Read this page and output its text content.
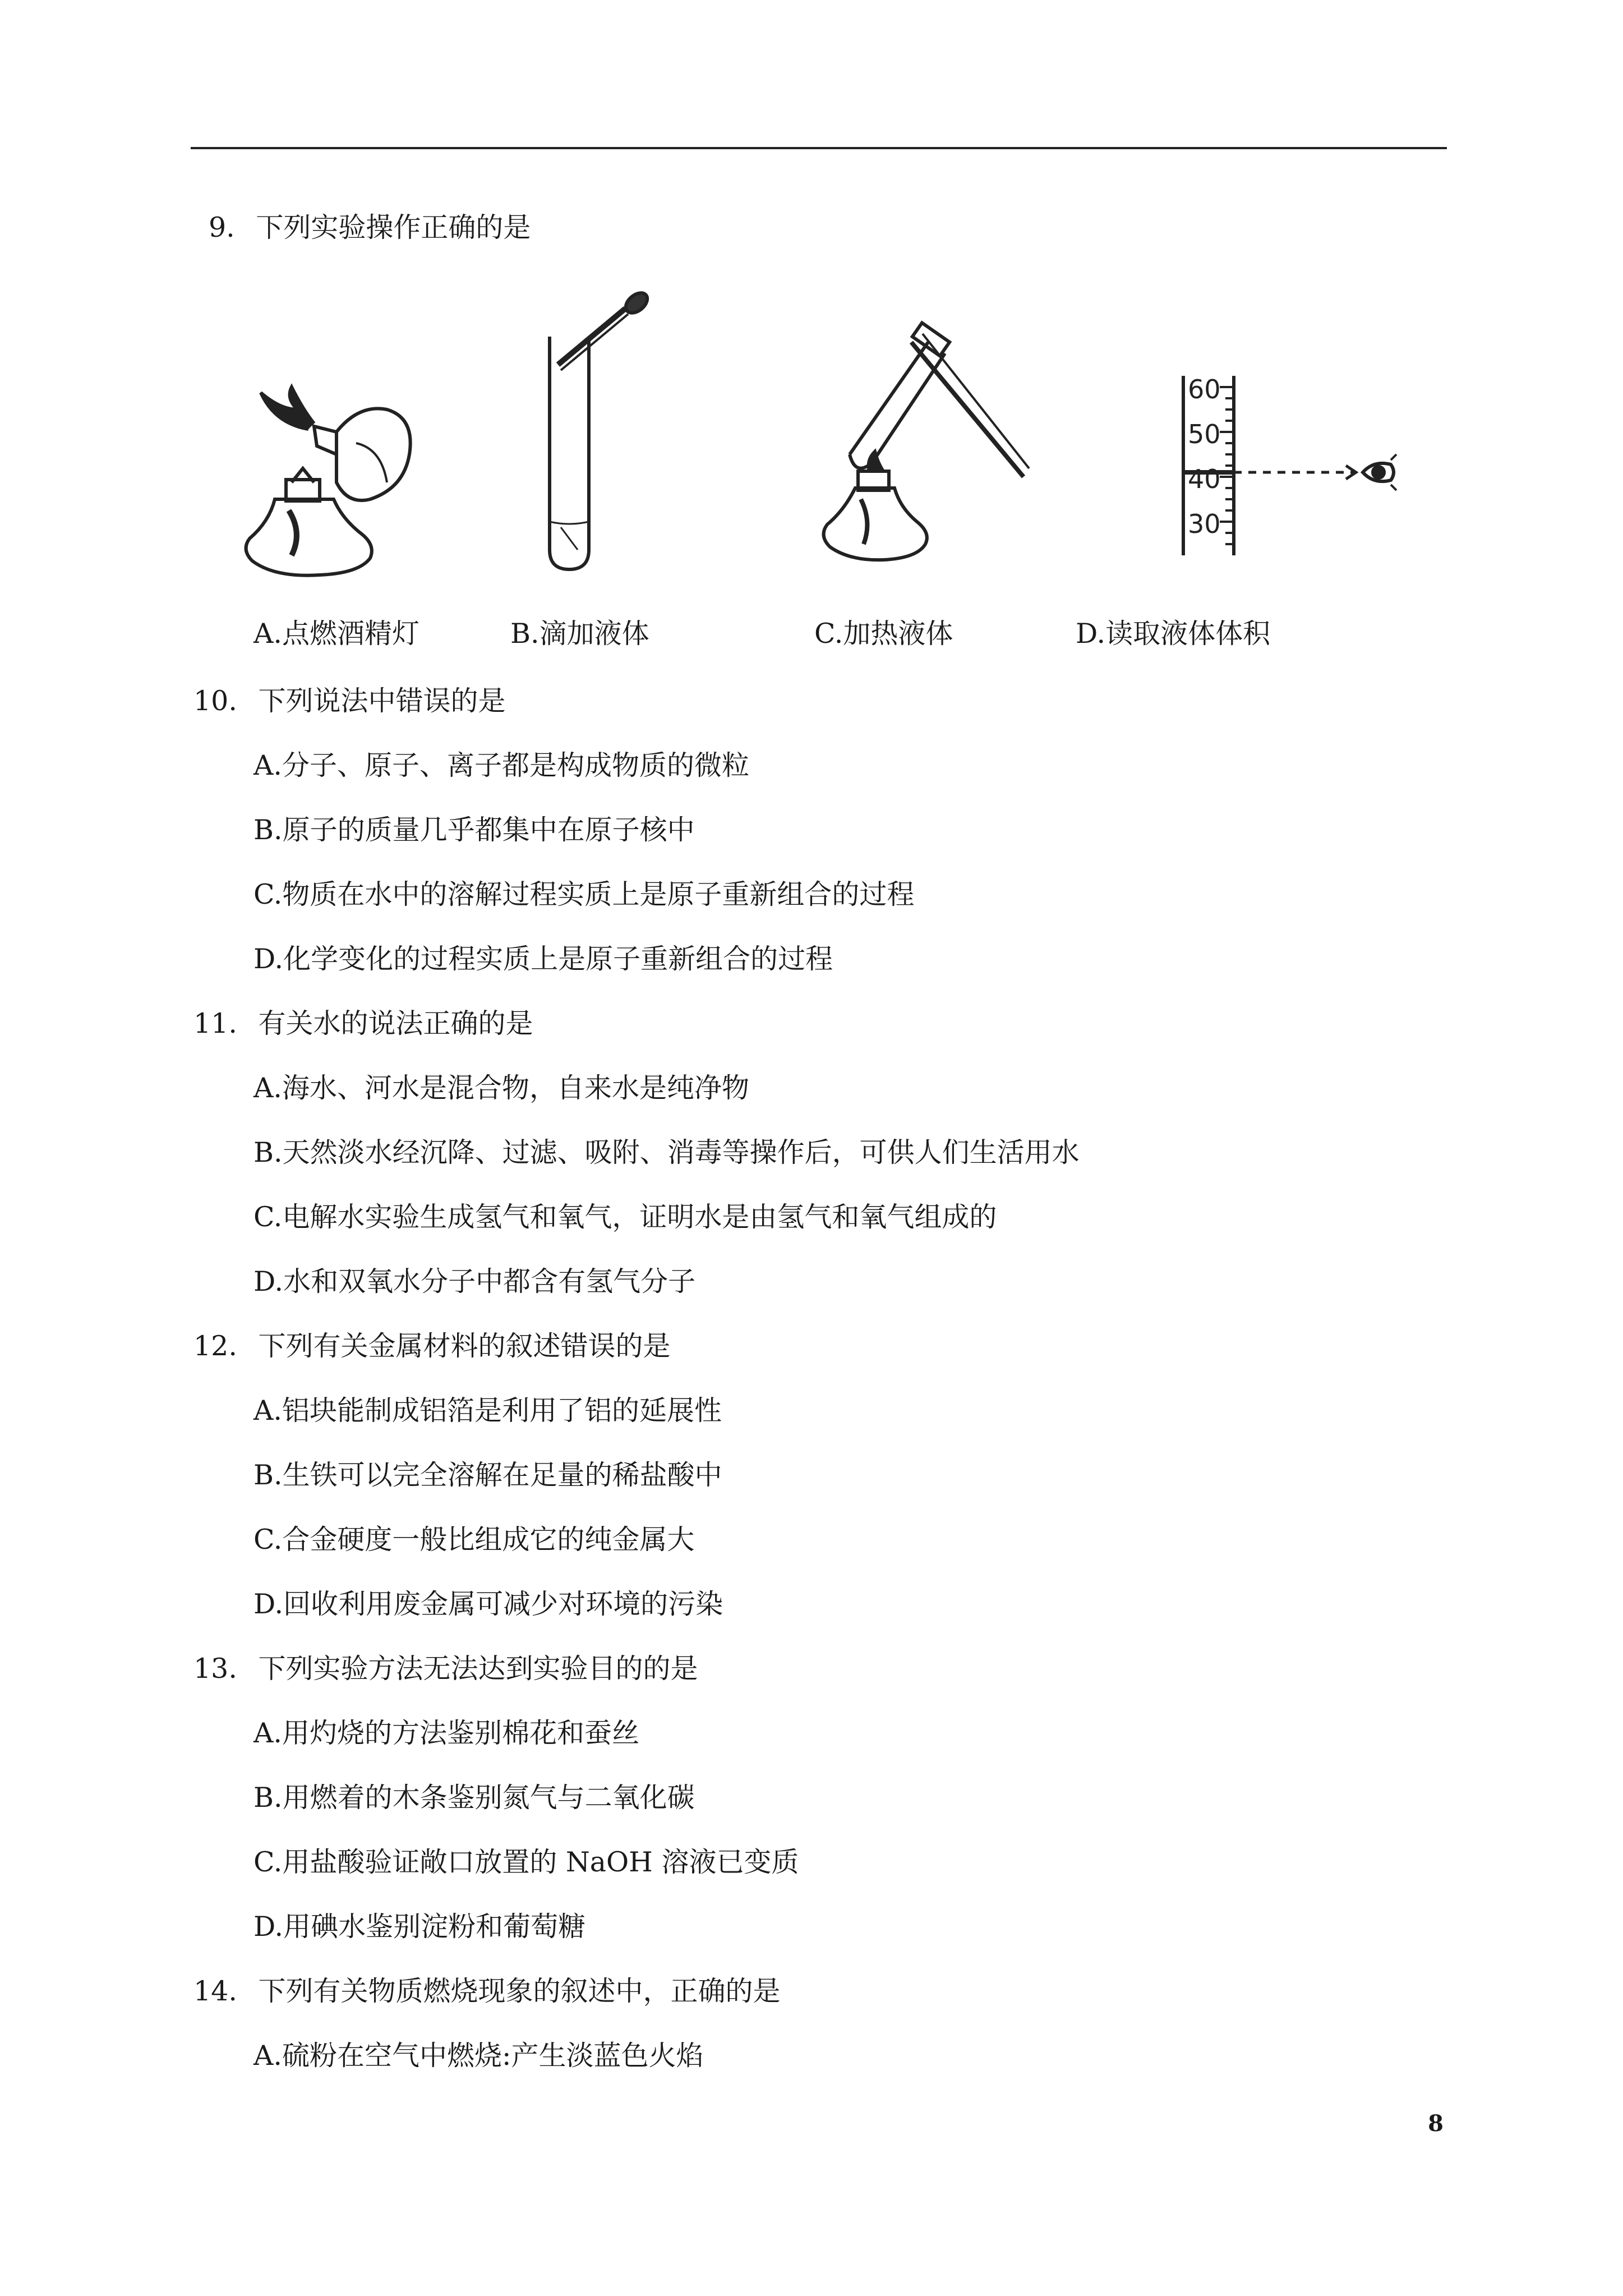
9. 下列实验操作正确的是
60
50
40
30
A.点燃酒精灯	B.滴加液体	C.加热液体	D.读取液体体积
10. 下列说法中错误的是
A.分子、原子、离子都是构成物质的微粒
B.原子的质量几乎都集中在原子核中
C.物质在水中的溶解过程实质上是原子重新组合的过程
D.化学变化的过程实质上是原子重新组合的过程
11. 有关水的说法正确的是
A.海水、河水是混合物，自来水是纯净物
B.天然淡水经沉降、过滤、吸附、消毒等操作后，可供人们生活用水
C.电解水实验生成氢气和氧气，证明水是由氢气和氧气组成的
D.水和双氧水分子中都含有氢气分子
12. 下列有关金属材料的叙述错误的是
A.铝块能制成铝箔是利用了铝的延展性
B.生铁可以完全溶解在足量的稀盐酸中
C.合金硬度一般比组成它的纯金属大
D.回收利用废金属可减少对环境的污染
13. 下列实验方法无法达到实验目的的是
A.用灼烧的方法鉴别棉花和蚕丝
B.用燃着的木条鉴别氮气与二氧化碳
C.用盐酸验证敞口放置的 NaOH 溶液已变质
D.用碘水鉴别淀粉和葡萄糖
14. 下列有关物质燃烧现象的叙述中，正确的是
A.硫粉在空气中燃烧:产生淡蓝色火焰
8
